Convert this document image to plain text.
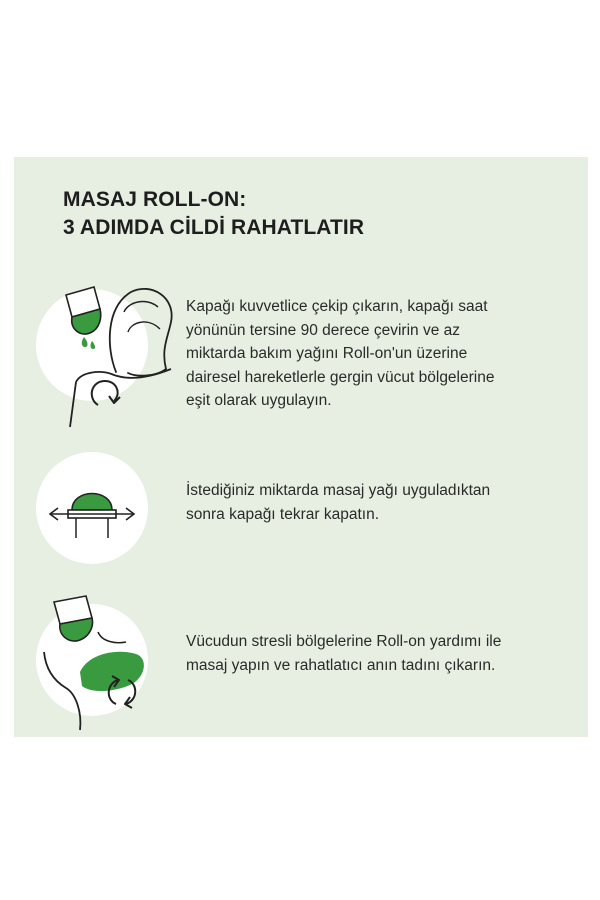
MASAJ ROLL-ON:
3 ADIMDA CİLDİ RAHATLATIR

Kapağı kuvvetlice çekip çıkarın, kapağı saat
yönünün tersine 90 derece çevirin ve az
miktarda bakım yağını Roll-on'un üzerine
dairesel hareketlerle gergin vücut bölgelerine
eşit olarak uygulayın.

İstediğiniz miktarda masaj yağı uyguladıktan
sonra kapağı tekrar kapatın.

Vücudun stresli bölgelerine Roll-on yardımı ile
masaj yapın ve rahatlatıcı anın tadını çıkarın.
